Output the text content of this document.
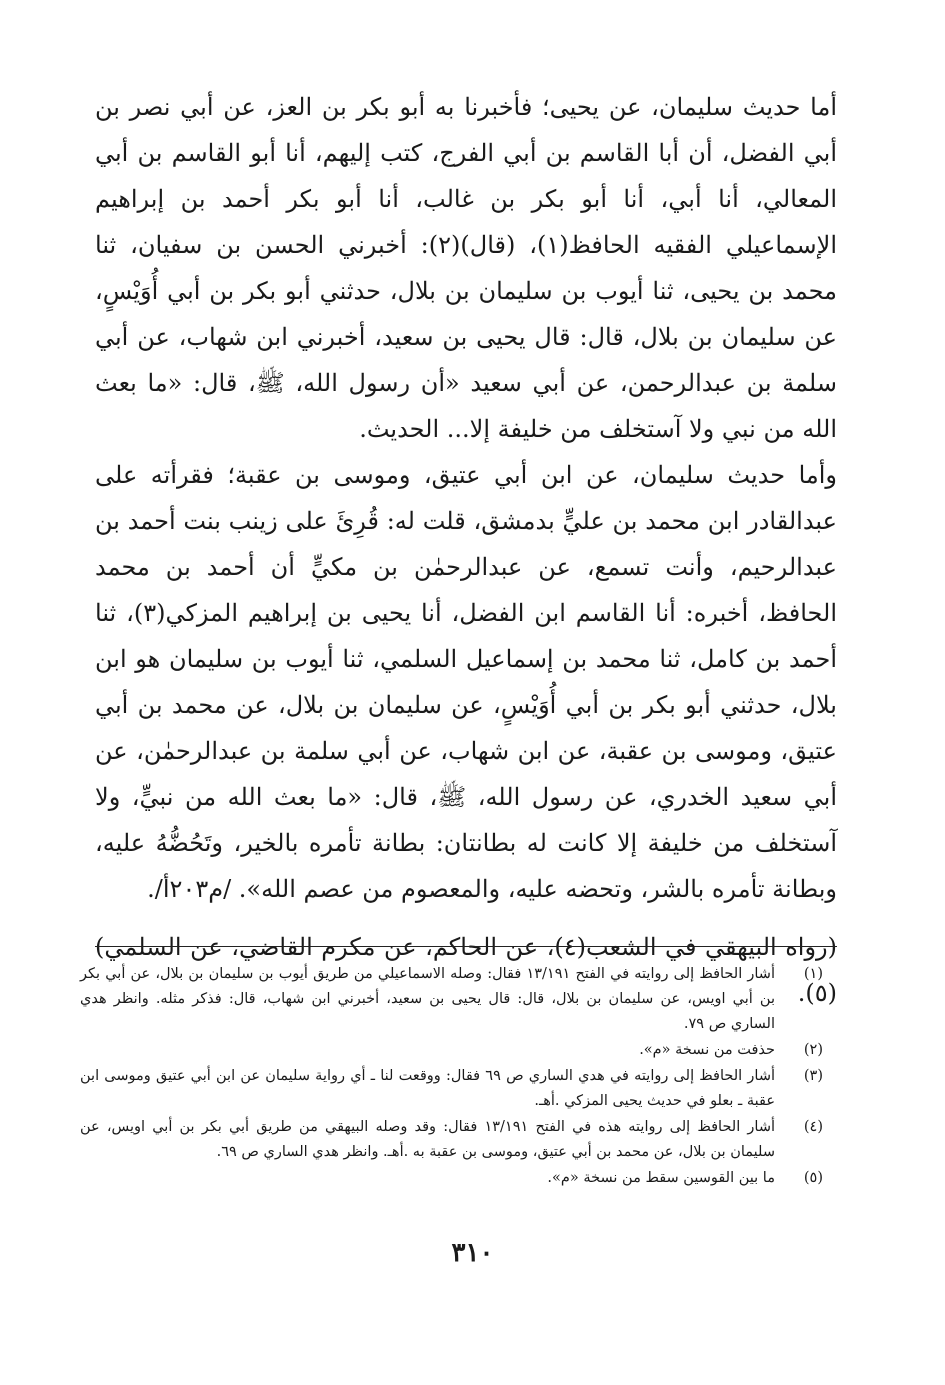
أما حديث سليمان، عن يحيى؛ فأخبرنا به أبو بكر بن العز، عن أبي نصر بن أبي الفضل، أن أبا القاسم بن أبي الفرج، كتب إليهم، أنا أبو القاسم بن أبي المعالي، أنا أبي، أنا أبو بكر بن غالب، أنا أبو بكر أحمد بن إبراهيم الإسماعيلي الفقيه الحافظ(١)، (قال)(٢): أخبرني الحسن بن سفيان، ثنا محمد بن يحيى، ثنا أيوب بن سليمان بن بلال، حدثني أبو بكر بن أبي أُوَيْسٍ، عن سليمان بن بلال، قال: قال يحيى بن سعيد، أخبرني ابن شهاب، عن أبي سلمة بن عبدالرحمن، عن أبي سعيد «أن رسول الله، ﷺ، قال: «ما بعث الله من نبي ولا آستخلف من خليفة إلا... الحديث.

وأما حديث سليمان، عن ابن أبي عتيق، وموسى بن عقبة؛ فقرأته على عبدالقادر ابن محمد بن عليٍّ بدمشق، قلت له: قُرِئَ على زينب بنت أحمد بن عبدالرحيم، وأنت تسمع، عن عبدالرحمٰن بن مكيٍّ أن أحمد بن محمد الحافظ، أخبره: أنا القاسم ابن الفضل، أنا يحيى بن إبراهيم المزكي(٣)، ثنا أحمد بن كامل، ثنا محمد بن إسماعيل السلمي، ثنا أيوب بن سليمان هو ابن بلال، حدثني أبو بكر بن أبي أُوَيْسٍ، عن سليمان بن بلال، عن محمد بن أبي عتيق، وموسى بن عقبة، عن ابن شهاب، عن أبي سلمة بن عبدالرحمٰن، عن أبي سعيد الخدري، عن رسول الله، ﷺ، قال: «ما بعث الله من نبيٍّ، ولا آستخلف من خليفة إلا كانت له بطانتان: بطانة تأمره بالخير، وتَحُضُّهُ عليه، وبطانة تأمره بالشر، وتحضه عليه، والمعصوم من عصم الله». /م٢٠٣أ/.

(رواه البيهقي في الشعب(٤)، عن الحاكم، عن مكرم القاضي، عن السلمي)(٥).

(١)
أشار الحافظ إلى روايته في الفتح ١٣/١٩١ فقال: وصله الاسماعيلي من طريق أيوب بن سليمان بن بلال، عن أبي بكر بن أبي اويس، عن سليمان بن بلال، قال: قال يحيى بن سعيد، أخبرني ابن شهاب، قال: فذكر مثله. وانظر هدي الساري ص ٧٩.
(٢)
حذفت من نسخة «م».
(٣)
أشار الحافظ إلى روايته في هدي الساري ص ٦٩ فقال: ووقعت لنا ـ أي رواية سليمان عن ابن أبي عتيق وموسى ابن عقبة ـ بعلو في حديث يحيى المزكي .أهـ.
(٤)
أشار الحافظ إلى روايته هذه في الفتح ١٣/١٩١ فقال: وقد وصله البيهقي من طريق أبي بكر بن أبي اويس، عن سليمان بن بلال، عن محمد بن أبي عتيق، وموسى بن عقبة به .أهـ. وانظر هدي الساري ص ٦٩.
(٥)
ما بين القوسين سقط من نسخة «م».
٣١٠
